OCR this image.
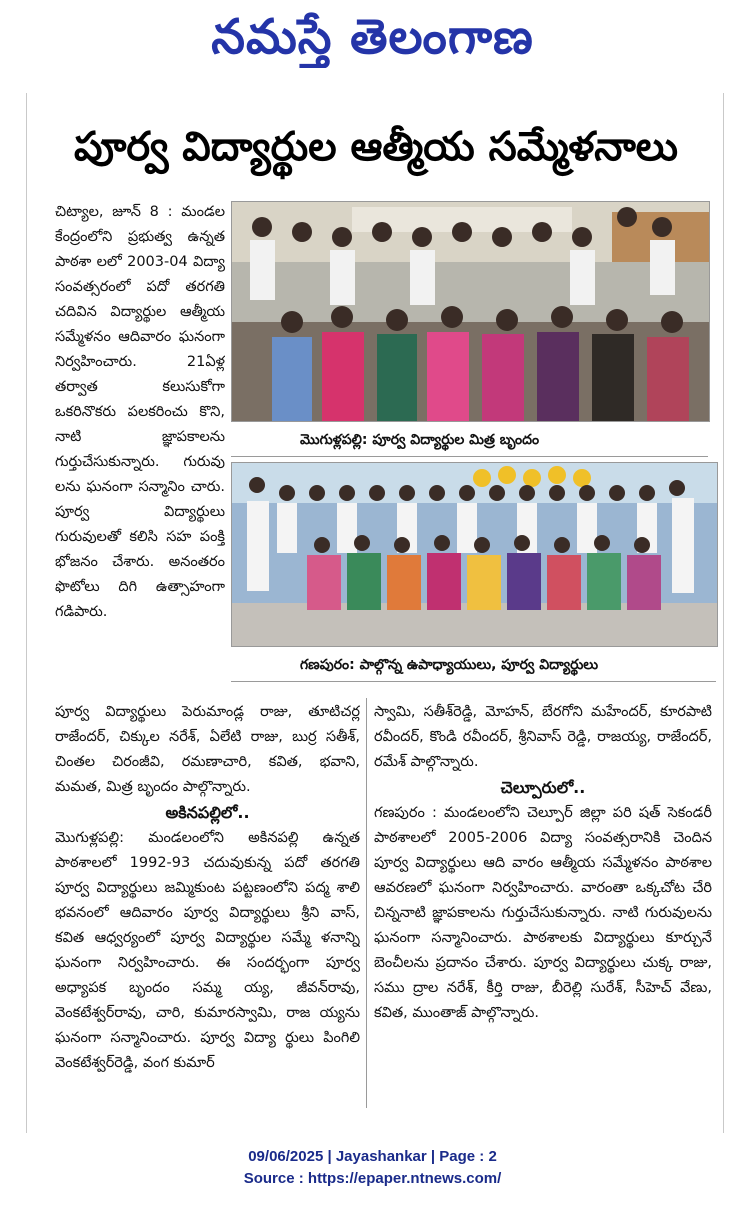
నమస్తే తెలంగాణ
పూర్వ విద్యార్థుల ఆత్మీయ సమ్మేళనాలు

చిట్యాల, జూన్ 8 : మండల కేంద్రంలోని ప్రభుత్వ ఉన్నత పాఠశా లలో 2003-04 విద్యా సంవత్సరంలో పదో తరగతి చదివిన విద్యార్థుల ఆత్మీయ సమ్మేళనం ఆదివారం ఘనంగా నిర్వహించారు. 21ఏళ్ల తర్వాత కలుసుకోగా ఒకరినొకరు పలకరించు కొని, నాటి జ్ఞాపకాలను గుర్తుచేసుకున్నారు. గురువు లను ఘనంగా సన్మానిం చారు. పూర్వ విద్యార్థులు గురువులతో కలిసి సహ పంక్తి భోజనం చేశారు. అనంతరం ఫొటోలు దిగి ఉత్సాహంగా గడిపారు.

మొగుళ్లపల్లి: పూర్వ విద్యార్థుల మిత్ర బృందం
గణపురం: పాల్గొన్న ఉపాధ్యాయులు, పూర్వ విద్యార్థులు

పూర్వ విద్యార్థులు పెరుమాండ్ల రాజు, తూటిచర్ల రాజేందర్, చిక్కుల నరేశ్, ఏలేటి రాజు, బుర్ర సతీశ్, చింతల చిరంజీవి, రమణాచారి, కవిత, భవాని, మమత, మిత్ర బృందం పాల్గొన్నారు.

అకినపల్లిలో..

మొగుళ్లపల్లి: మండలంలోని అకినపల్లి ఉన్నత పాఠశాలలో 1992-93 చదువుకున్న పదో తరగతి పూర్వ విద్యార్థులు జమ్మికుంట పట్టణంలోని పద్మ శాలి భవనంలో ఆదివారం పూర్వ విద్యార్థులు శ్రీని వాస్, కవిత ఆధ్వర్యంలో పూర్వ విద్యార్థుల సమ్మే ళనాన్ని ఘనంగా నిర్వహించారు. ఈ సందర్భంగా పూర్వ అధ్యాపక బృందం సమ్మ య్య, జీవన్‌రావు, వెంకటేశ్వర్‌రావు, చారి, కుమారస్వామి, రాజ య్యను ఘనంగా సన్మానించారు. పూర్వ విద్యా ర్థులు పింగిలి వెంకటేశ్వర్‌రెడ్డి, వంగ కుమార్

స్వామి, సతీశ్‌రెడ్డి, మోహన్, బేరగోని మహేందర్, కూరపాటి రవీందర్, కొండి రవీందర్, శ్రీనివాస్ రెడ్డి, రాజయ్య, రాజేందర్, రమేశ్ పాల్గొన్నారు.

చెల్పూరులో..

గణపురం : మండలంలోని చెల్పూర్ జిల్లా పరి షత్ సెకండరీ పాఠశాలలో 2005-2006 విద్యా సంవత్సరానికి చెందిన పూర్వ విద్యార్థులు ఆది వారం ఆత్మీయ సమ్మేళనం పాఠశాల ఆవరణలో ఘనంగా నిర్వహించారు. వారంతా ఒక్కచోట చేరి చిన్ననాటి జ్ఞాపకాలను గుర్తుచేసుకున్నారు. నాటి గురువులను ఘనంగా సన్మానించారు. పాఠశాలకు విద్యార్థులు కూర్చునే బెంచీలను ప్రదానం చేశారు. పూర్వ విద్యార్థులు చుక్క రాజు, సము ద్రాల నరేశ్, కీర్తి రాజు, బీరెల్లి సురేశ్, సీహెచ్ వేణు, కవిత, ముంతాజ్ పాల్గొన్నారు.

09/06/2025 | Jayashankar | Page : 2
Source : https://epaper.ntnews.com/
